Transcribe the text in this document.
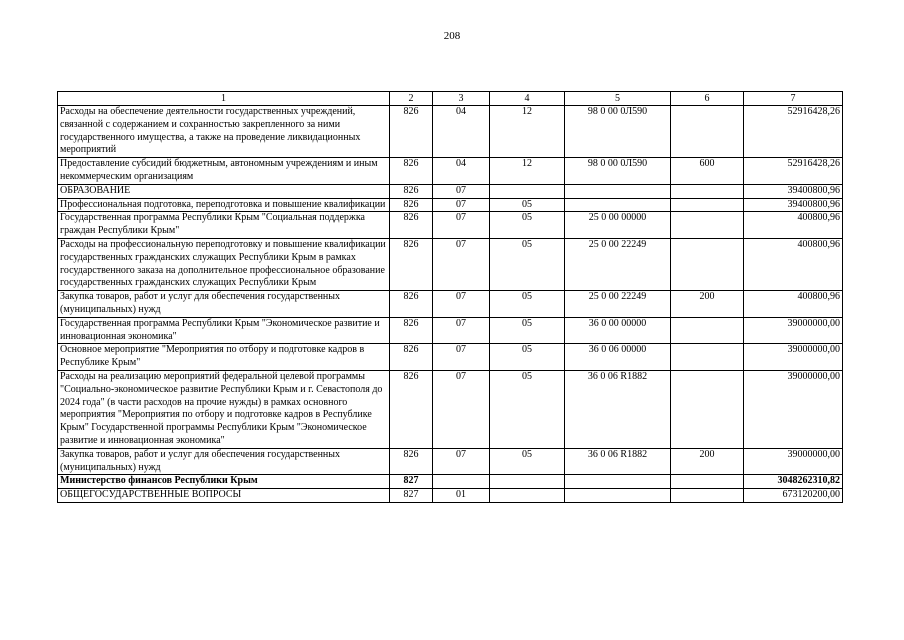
208
1	2	3	4	5	6	7
Расходы на обеспечение деятельности государственных учреждений, связанной с содержанием и сохранностью закрепленного за ними государственного имущества, а также на проведение ликвидационных мероприятий	826	04	12	98 0 00 0Л590		52916428,26
Предоставление субсидий бюджетным, автономным учреждениям и иным некоммерческим организациям	826	04	12	98 0 00 0Л590	600	52916428,26
ОБРАЗОВАНИЕ	826	07				39400800,96
Профессиональная подготовка, переподготовка и повышение квалификации	826	07	05			39400800,96
Государственная программа Республики Крым "Социальная поддержка граждан Республики Крым"	826	07	05	25 0 00 00000		400800,96
Расходы на профессиональную переподготовку и повышение квалификации государственных гражданских служащих Республики Крым в рамках государственного заказа на дополнительное профессиональное образование государственных гражданских служащих Республики Крым	826	07	05	25 0 00 22249		400800,96
Закупка товаров, работ и услуг для обеспечения государственных (муниципальных) нужд	826	07	05	25 0 00 22249	200	400800,96
Государственная программа Республики Крым "Экономическое развитие и инновационная экономика"	826	07	05	36 0 00 00000		39000000,00
Основное мероприятие "Мероприятия по отбору и подготовке кадров в Республике Крым"	826	07	05	36 0 06 00000		39000000,00
Расходы на реализацию мероприятий федеральной целевой программы "Социально-экономическое развитие Республики Крым и г. Севастополя до 2024 года" (в части расходов на прочие нужды) в рамках основного мероприятия "Мероприятия по отбору и подготовке кадров в Республике Крым" Государственной программы Республики Крым "Экономическое развитие и инновационная экономика"	826	07	05	36 0 06 R1882		39000000,00
Закупка товаров, работ и услуг для обеспечения государственных (муниципальных) нужд	826	07	05	36 0 06 R1882	200	39000000,00
Министерство финансов Республики Крым	827					3048262310,82
ОБЩЕГОСУДАРСТВЕННЫЕ ВОПРОСЫ	827	01				673120200,00
